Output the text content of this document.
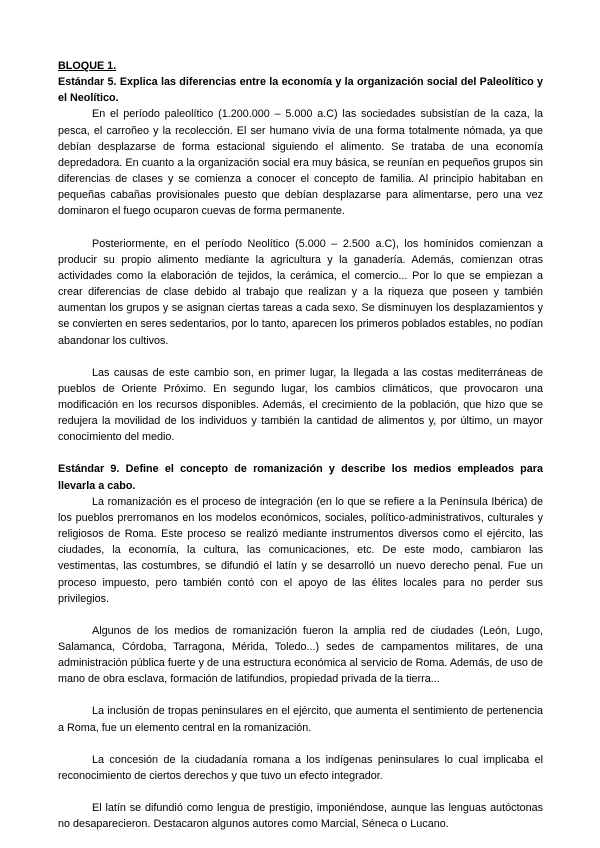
BLOQUE 1.

Estándar 5. Explica las diferencias entre la economía y la organización social del Paleolítico y el Neolítico.

En el período paleolítico (1.200.000 – 5.000 a.C) las sociedades subsistían de la caza, la pesca, el carroñeo y la recolección. El ser humano vivía de una forma totalmente nómada, ya que debían desplazarse de forma estacional siguiendo el alimento. Se trataba de una economía depredadora. En cuanto a la organización social era muy básica, se reunían en pequeños grupos sin diferencias de clases y se comienza a conocer el concepto de familia. Al principio habitaban en pequeñas cabañas provisionales puesto que debían desplazarse para alimentarse, pero una vez dominaron el fuego ocuparon cuevas de forma permanente.

Posteriormente, en el período Neolítico (5.000 – 2.500 a.C), los homínidos comienzan a producir su propio alimento mediante la agricultura y la ganadería. Además, comienzan otras actividades como la elaboración de tejidos, la cerámica, el comercio... Por lo que se empiezan a crear diferencias de clase debido al trabajo que realizan y a la riqueza que poseen y también aumentan los grupos y se asignan ciertas tareas a cada sexo. Se disminuyen los desplazamientos y se convierten en seres sedentarios, por lo tanto, aparecen los primeros poblados estables, no podían abandonar los cultivos.

Las causas de este cambio son, en primer lugar, la llegada a las costas mediterráneas de pueblos de Oriente Próximo. En segundo lugar, los cambios climáticos, que provocaron una modificación en los recursos disponibles. Además, el crecimiento de la población, que hizo que se redujera la movilidad de los individuos y también la cantidad de alimentos y, por último, un mayor conocimiento del medio.

Estándar 9. Define el concepto de romanización y describe los medios empleados para llevarla a cabo.

La romanización es el proceso de integración (en lo que se refiere a la Península Ibérica) de los pueblos prerromanos en los modelos económicos, sociales, político-administrativos, culturales y religiosos de Roma. Este proceso se realizó mediante instrumentos diversos como el ejército, las ciudades, la economía, la cultura, las comunicaciones, etc. De este modo, cambiaron las vestimentas, las costumbres, se difundió el latín y se desarrolló un nuevo derecho penal. Fue un proceso impuesto, pero también contó con el apoyo de las élites locales para no perder sus privilegios.

Algunos de los medios de romanización fueron la amplia red de ciudades (León, Lugo, Salamanca, Córdoba, Tarragona, Mérida, Toledo...) sedes de campamentos militares, de una administración pública fuerte y de una estructura económica al servicio de Roma. Además, de uso de mano de obra esclava, formación de latifundios, propiedad privada de la tierra...

La inclusión de tropas peninsulares en el ejército, que aumenta el sentimiento de pertenencia a Roma, fue un elemento central en la romanización.

La concesión de la ciudadanía romana a los indígenas peninsulares lo cual implicaba el reconocimiento de ciertos derechos y que tuvo un efecto integrador.

El latín se difundió como lengua de prestigio, imponiéndose, aunque las lenguas autóctonas no desaparecieron. Destacaron algunos autores como Marcial, Séneca o Lucano.
